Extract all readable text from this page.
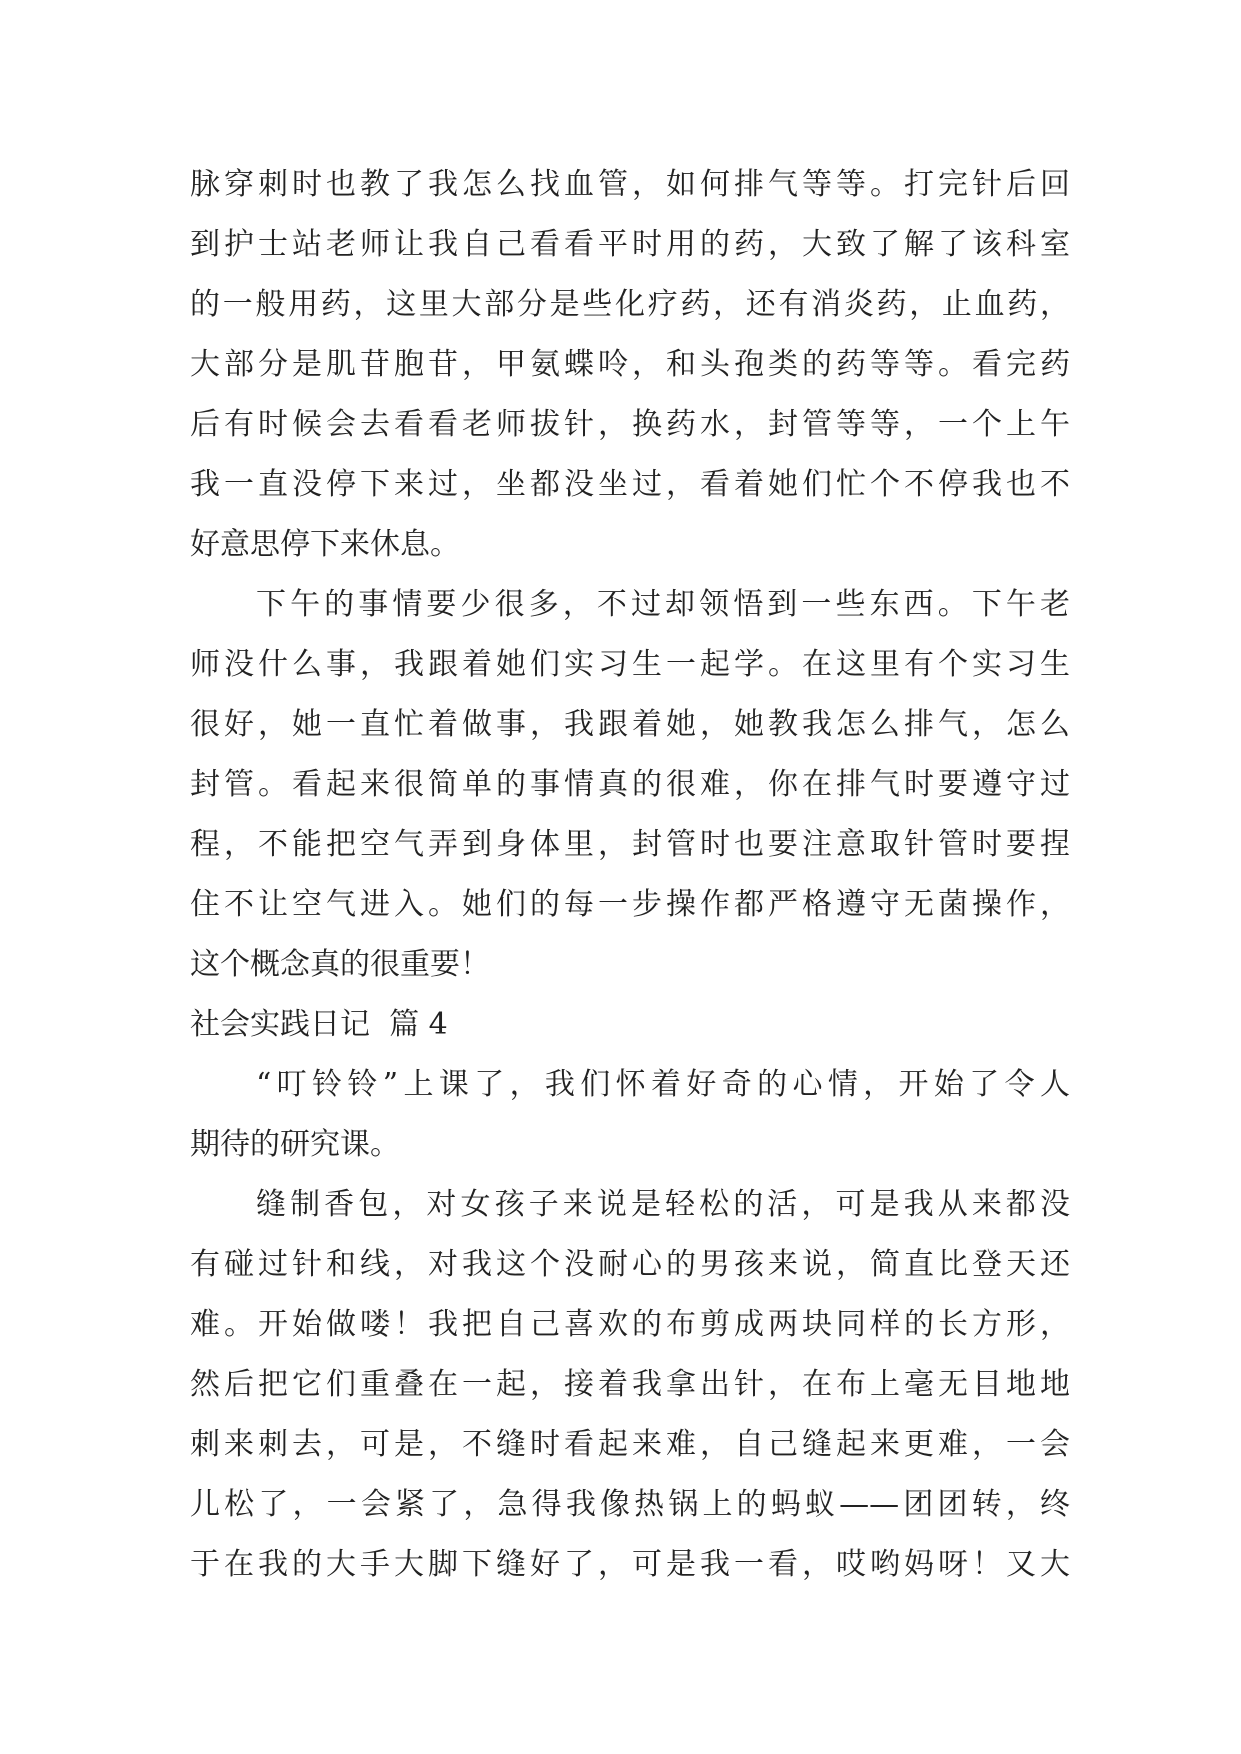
脉穿刺时也教了我怎么找血管，如何排气等等。打完针后回
到护士站老师让我自己看看平时用的药，大致了解了该科室
的一般用药，这里大部分是些化疗药，还有消炎药，止血药，
大部分是肌苷胞苷，甲氨蝶呤，和头孢类的药等等。看完药
后有时候会去看看老师拔针，换药水，封管等等，一个上午
我一直没停下来过，坐都没坐过，看着她们忙个不停我也不
好意思停下来休息。
下午的事情要少很多，不过却领悟到一些东西。下午老
师没什么事，我跟着她们实习生一起学。在这里有个实习生
很好，她一直忙着做事，我跟着她，她教我怎么排气，怎么
封管。看起来很简单的事情真的很难，你在排气时要遵守过
程，不能把空气弄到身体里，封管时也要注意取针管时要捏
住不让空气进入。她们的每一步操作都严格遵守无菌操作，
这个概念真的很重要！
社会实践日记  篇 4
“叮铃铃”上课了，我们怀着好奇的心情，开始了令人
期待的研究课。
缝制香包，对女孩子来说是轻松的活，可是我从来都没
有碰过针和线，对我这个没耐心的男孩来说，简直比登天还
难。开始做喽！我把自己喜欢的布剪成两块同样的长方形，
然后把它们重叠在一起，接着我拿出针，在布上毫无目地地
刺来刺去，可是，不缝时看起来难，自己缝起来更难，一会
儿松了，一会紧了，急得我像热锅上的蚂蚁——团团转，终
于在我的大手大脚下缝好了，可是我一看，哎哟妈呀！又大
